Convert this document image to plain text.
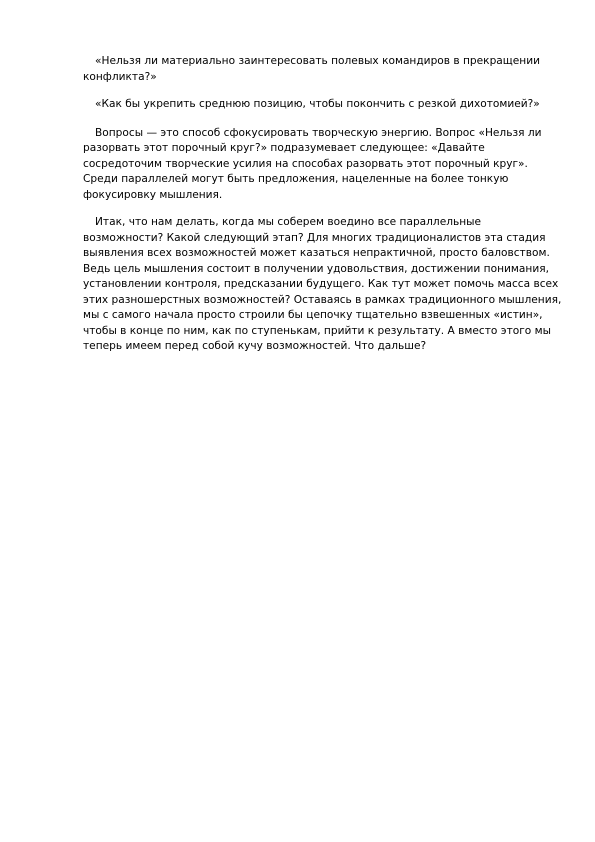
«Нельзя ли материально заинтересовать полевых командиров в прекращении конфликта?»

«Как бы укрепить среднюю позицию, чтобы покончить с резкой дихотомией?»

Вопросы — это способ сфокусировать творческую энергию. Вопрос «Нельзя ли разорвать этот порочный круг?» подразумевает следующее: «Давайте сосредоточим творческие усилия на способах разорвать этот порочный круг». Среди параллелей могут быть предложения, нацеленные на более тонкую фокусировку мышления.

Итак, что нам делать, когда мы соберем воедино все параллельные возможности? Какой следующий этап? Для многих традиционалистов эта стадия выявления всех возможностей может казаться непрактичной, просто баловством. Ведь цель мышления состоит в получении удовольствия, достижении понимания, установлении контроля, предсказании будущего. Как тут может помочь масса всех этих разношерстных возможностей? Оставаясь в рамках традиционного мышления, мы с самого начала просто строили бы цепочку тщательно взвешенных «истин», чтобы в конце по ним, как по ступенькам, прийти к результату. А вместо этого мы теперь имеем перед собой кучу возможностей. Что дальше?
